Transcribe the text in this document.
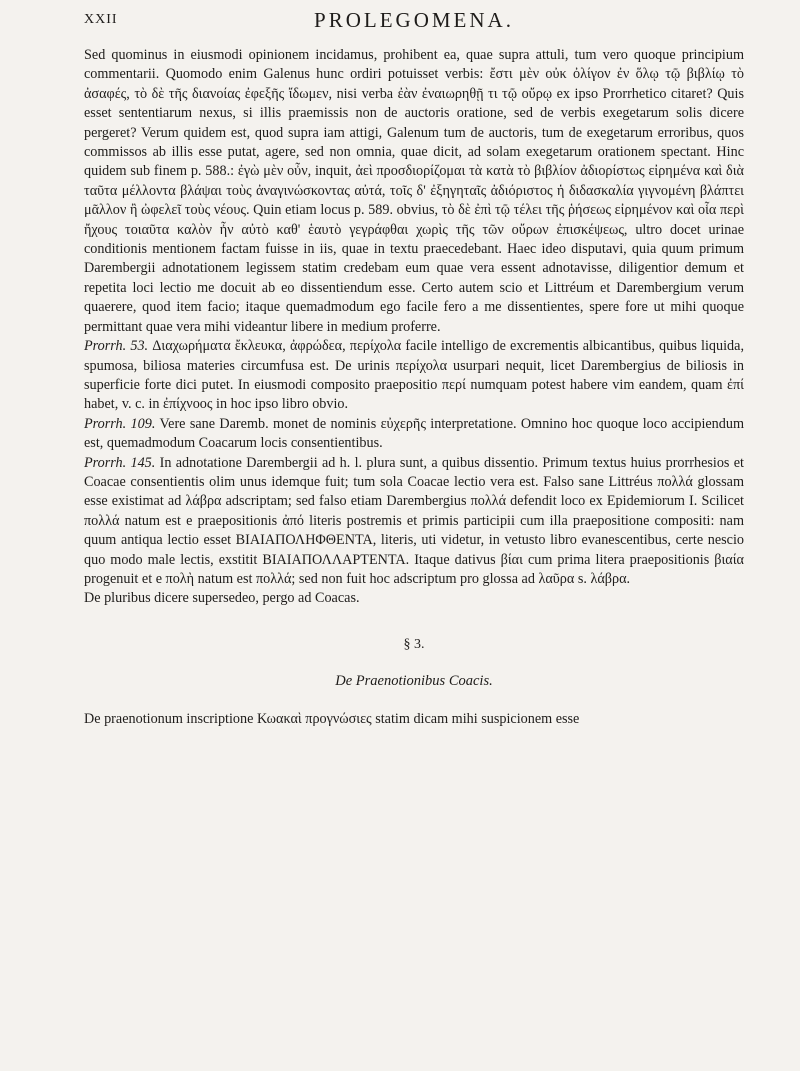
XXII	PROLEGOMENA.

Sed quominus in eiusmodi opinionem incidamus, prohibent ea, quae supra attuli, tum vero quoque principium commentarii. Quomodo enim Galenus hunc ordiri potuisset verbis: ἔστι μὲν οὐκ ὀλίγον ἐν ὅλῳ τῷ βιβλίῳ τὸ ἀσαφές, τὸ δὲ τῆς διανοίας ἐφεξῆς ἴδωμεν, nisi verba ἐὰν ἐναιωρηθῇ τι τῷ οὔρῳ ex ipso Prorrhetico citaret? Quis esset sententiarum nexus, si illis praemissis non de auctoris oratione, sed de verbis exegetarum solis dicere pergeret? Verum quidem est, quod supra iam attigi, Galenum tum de auctoris, tum de exegetarum erroribus, quos commissos ab illis esse putat, agere, sed non omnia, quae dicit, ad solam exegetarum orationem spectant. Hinc quidem sub finem p. 588.: ἐγὼ μὲν οὖν, inquit, ἀεὶ προσδιορίζομαι τὰ κατὰ τὸ βιβλίον ἀδιορίστως εἰρημένα καὶ διὰ ταῦτα μέλλοντα βλάψαι τοὺς ἀναγινώσκοντας αὐτά, τοῖς δ' ἐξηγηταῖς ἀδιόριστος ἡ διδασκαλία γιγνομένη βλάπτει μᾶλλον ἢ ὠφελεῖ τοὺς νέους. Quin etiam locus p. 589. obvius, τὸ δὲ ἐπὶ τῷ τέλει τῆς ῥήσεως εἰρημένον καὶ οἷα περὶ ἤχους τοιαῦτα καλὸν ἦν αὐτὸ καθ' ἑαυτὸ γεγράφθαι χωρὶς τῆς τῶν οὔρων ἐπισκέψεως, ultro docet urinae conditionis mentionem factam fuisse in iis, quae in textu praecedebant. Haec ideo disputavi, quia quum primum Darembergii adnotationem legissem statim credebam eum quae vera essent adnotavisse, diligentior demum et repetita loci lectio me docuit ab eo dissentiendum esse. Certo autem scio et Littréum et Darembergium verum quaerere, quod item facio; itaque quemadmodum ego facile fero a me dissentientes, spere fore ut mihi quoque permittant quae vera mihi videantur libere in medium proferre.

Prorrh. 53. Διαχωρήματα ἔκλευκα, ἀφρώδεα, περίχολα facile intelligo de excrementis albicantibus, quibus liquida, spumosa, biliosa materies circumfusa est. De urinis περίχολα usurpari nequit, licet Darembergius de biliosis in superficie forte dici putet. In eiusmodi composito praepositio περί numquam potest habere vim eandem, quam ἐπί habet, v. c. in ἐπίχνοος in hoc ipso libro obvio.

Prorrh. 109. Vere sane Daremb. monet de nominis εὐχερῆς interpretatione. Omnino hoc quoque loco accipiendum est, quemadmodum Coacarum locis consentientibus.

Prorrh. 145. In adnotatione Darembergii ad h. l. plura sunt, a quibus dissentio. Primum textus huius prorrhesios et Coacae consentientis olim unus idemque fuit; tum sola Coacae lectio vera est. Falso sane Littréus πολλά glossam esse existimat ad λάβρα adscriptam; sed falso etiam Darembergius πολλά defendit loco ex Epidemiorum I. Scilicet πολλά natum est e praepositionis ἀπό literis postremis et primis participii cum illa praepositione compositi: nam quum antiqua lectio esset ΒΙΑΙΑΠΟΛΗΦΘΕΝΤΑ, literis, uti videtur, in vetusto libro evanescentibus, certe nescio quo modo male lectis, exstitit ΒΙΑΙΑΠΟΛΛΑΡΤΕΝΤΑ. Itaque dativus βίαι cum prima litera praepositionis βιαία progenuit et e πολὴ natum est πολλά; sed non fuit hoc adscriptum pro glossa ad λαῦρα s. λάβρα.

De pluribus dicere supersedeo, pergo ad Coacas.

§ 3.

De Praenotionibus Coacis.

De praenotionum inscriptione Κωακαὶ προγνώσιες statim dicam mihi suspicionem esse
